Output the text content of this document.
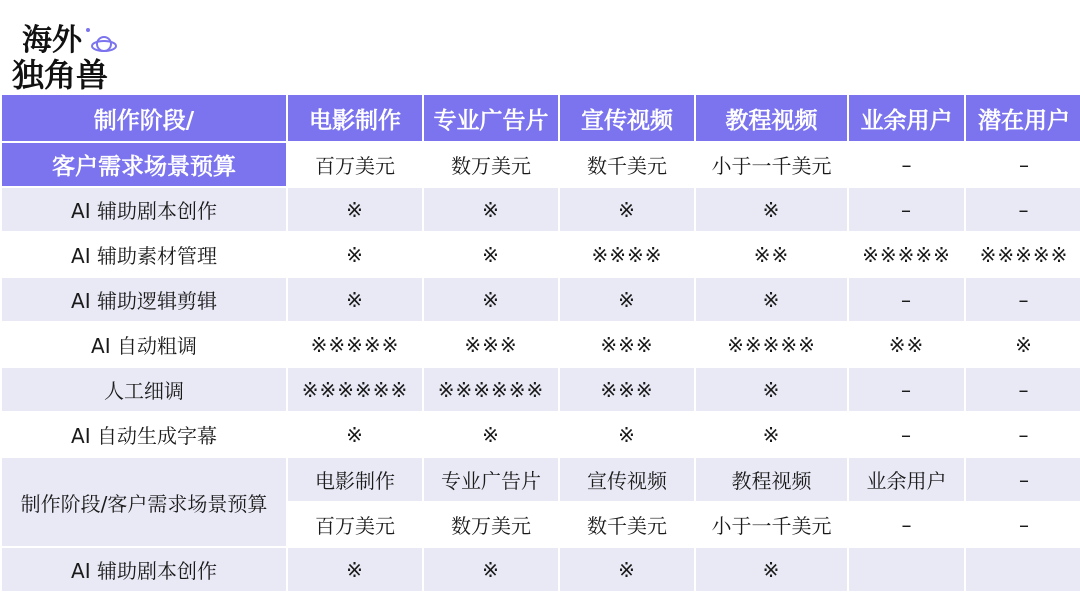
海外
独角兽
制作阶段/	电影制作	专业广告片	宣传视频	教程视频	业余用户	潜在用户
客户需求场景预算	百万美元	数万美元	数千美元	小于一千美元	–	–
AI 辅助剧本创作	※	※	※	※	–	–
AI 辅助素材管理	※	※	※※※※	※※	※※※※※	※※※※※
AI 辅助逻辑剪辑	※	※	※	※	–	–
AI 自动粗调	※※※※※	※※※	※※※	※※※※※	※※	※
人工细调	※※※※※※	※※※※※※	※※※	※	–	–
AI 自动生成字幕	※	※	※	※	–	–
制作阶段/客户需求场景预算	电影制作	专业广告片	宣传视频	教程视频	业余用户	–
	百万美元	数万美元	数千美元	小于一千美元	–	–
AI 辅助剧本创作	※	※	※	※		
